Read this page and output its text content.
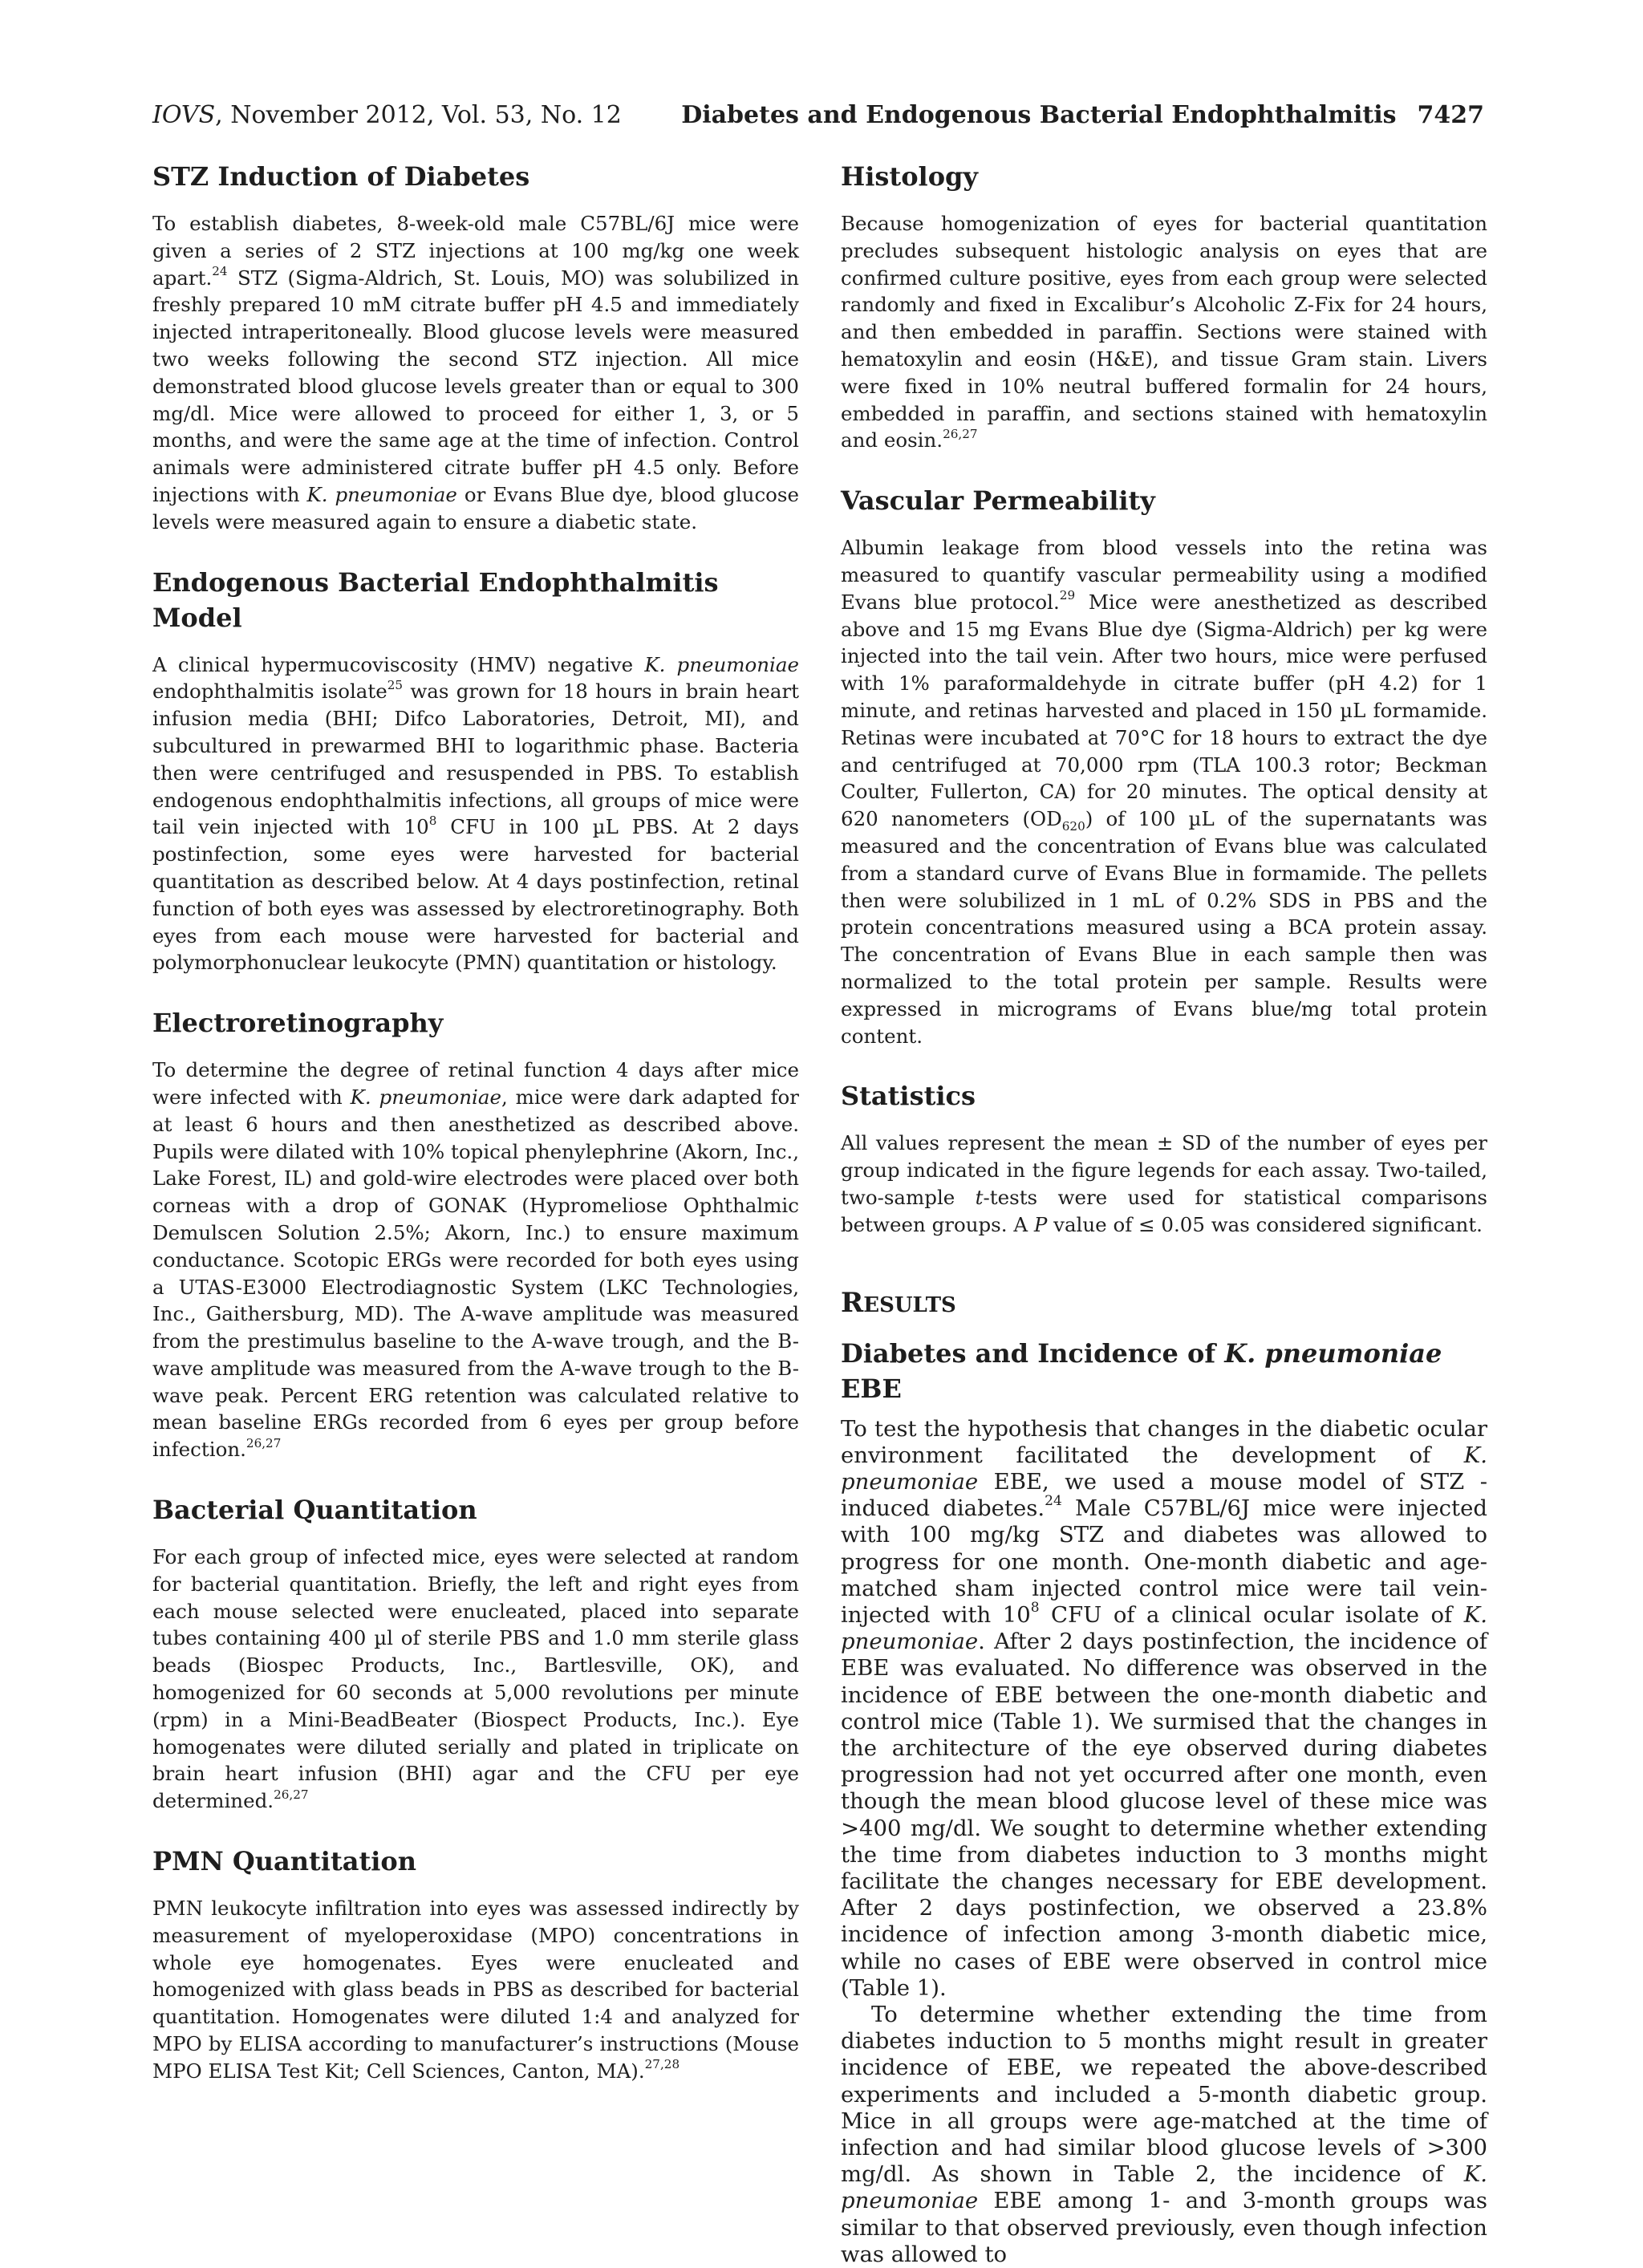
IOVS, November 2012, Vol. 53, No. 12 Diabetes and Endogenous Bacterial Endophthalmitis 7427
STZ Induction of Diabetes

To establish diabetes, 8-week-old male C57BL/6J mice were given a series of 2 STZ injections at 100 mg/kg one week apart.$^{24}$ STZ (Sigma-Aldrich, St. Louis, MO) was solubilized in freshly prepared 10 mM citrate buffer pH 4.5 and immediately injected intraperitoneally. Blood glucose levels were measured two weeks following the second STZ injection. All mice demonstrated blood glucose levels greater than or equal to 300 mg/dl. Mice were allowed to proceed for either 1, 3, or 5 months, and were the same age at the time of infection. Control animals were administered citrate buffer pH 4.5 only. Before injections with K. pneumoniae or Evans Blue dye, blood glucose levels were measured again to ensure a diabetic state.

Endogenous Bacterial Endophthalmitis Model

A clinical hypermucoviscosity (HMV) negative K. pneumoniae endophthalmitis isolate$^{25}$ was grown for 18 hours in brain heart infusion media (BHI; Difco Laboratories, Detroit, MI), and subcultured in prewarmed BHI to logarithmic phase. Bacteria then were centrifuged and resuspended in PBS. To establish endogenous endophthalmitis infections, all groups of mice were tail vein injected with $10^8$ CFU in 100 µL PBS. At 2 days postinfection, some eyes were harvested for bacterial quantitation as described below. At 4 days postinfection, retinal function of both eyes was assessed by electroretinography. Both eyes from each mouse were harvested for bacterial and polymorphonuclear leukocyte (PMN) quantitation or histology.

Electroretinography

To determine the degree of retinal function 4 days after mice were infected with K. pneumoniae, mice were dark adapted for at least 6 hours and then anesthetized as described above. Pupils were dilated with 10% topical phenylephrine (Akorn, Inc., Lake Forest, IL) and gold-wire electrodes were placed over both corneas with a drop of GONAK (Hypromeliose Ophthalmic Demulscen Solution 2.5%; Akorn, Inc.) to ensure maximum conductance. Scotopic ERGs were recorded for both eyes using a UTAS-E3000 Electrodiagnostic System (LKC Technologies, Inc., Gaithersburg, MD). The A-wave amplitude was measured from the prestimulus baseline to the A-wave trough, and the B-wave amplitude was measured from the A-wave trough to the B-wave peak. Percent ERG retention was calculated relative to mean baseline ERGs recorded from 6 eyes per group before infection.$^{26,27}$

Bacterial Quantitation

For each group of infected mice, eyes were selected at random for bacterial quantitation. Briefly, the left and right eyes from each mouse selected were enucleated, placed into separate tubes containing 400 µl of sterile PBS and 1.0 mm sterile glass beads (Biospec Products, Inc., Bartlesville, OK), and homogenized for 60 seconds at 5,000 revolutions per minute (rpm) in a Mini-BeadBeater (Biospect Products, Inc.). Eye homogenates were diluted serially and plated in triplicate on brain heart infusion (BHI) agar and the CFU per eye determined.$^{26,27}$

PMN Quantitation

PMN leukocyte infiltration into eyes was assessed indirectly by measurement of myeloperoxidase (MPO) concentrations in whole eye homogenates. Eyes were enucleated and homogenized with glass beads in PBS as described for bacterial quantitation. Homogenates were diluted 1:4 and analyzed for MPO by ELISA according to manufacturer’s instructions (Mouse MPO ELISA Test Kit; Cell Sciences, Canton, MA).$^{27,28}$

Histology

Because homogenization of eyes for bacterial quantitation precludes subsequent histologic analysis on eyes that are confirmed culture positive, eyes from each group were selected randomly and fixed in Excalibur’s Alcoholic Z-Fix for 24 hours, and then embedded in paraffin. Sections were stained with hematoxylin and eosin (H&E), and tissue Gram stain. Livers were fixed in 10% neutral buffered formalin for 24 hours, embedded in paraffin, and sections stained with hematoxylin and eosin.$^{26,27}$

Vascular Permeability

Albumin leakage from blood vessels into the retina was measured to quantify vascular permeability using a modified Evans blue protocol.$^{29}$ Mice were anesthetized as described above and 15 mg Evans Blue dye (Sigma-Aldrich) per kg were injected into the tail vein. After two hours, mice were perfused with 1% paraformaldehyde in citrate buffer (pH 4.2) for 1 minute, and retinas harvested and placed in 150 µL formamide. Retinas were incubated at 70°C for 18 hours to extract the dye and centrifuged at 70,000 rpm (TLA 100.3 rotor; Beckman Coulter, Fullerton, CA) for 20 minutes. The optical density at 620 nanometers $(OD_{620})$ of 100 µL of the supernatants was measured and the concentration of Evans blue was calculated from a standard curve of Evans Blue in formamide. The pellets then were solubilized in 1 mL of 0.2% SDS in PBS and the protein concentrations measured using a BCA protein assay. The concentration of Evans Blue in each sample then was normalized to the total protein per sample. Results were expressed in micrograms of Evans blue/mg total protein content.

Statistics

All values represent the mean ± SD of the number of eyes per group indicated in the figure legends for each assay. Two-tailed, two-sample t-tests were used for statistical comparisons between groups. A P value of ≤ 0.05 was considered significant.

RESULTS
Diabetes and Incidence of K. pneumoniae EBE

To test the hypothesis that changes in the diabetic ocular environment facilitated the development of K. pneumoniae EBE, we used a mouse model of STZ -induced diabetes.$^{24}$ Male C57BL/6J mice were injected with 100 mg/kg STZ and diabetes was allowed to progress for one month. One-month diabetic and age-matched sham injected control mice were tail vein-injected with $10^8$ CFU of a clinical ocular isolate of K. pneumoniae. After 2 days postinfection, the incidence of EBE was evaluated. No difference was observed in the incidence of EBE between the one-month diabetic and control mice (Table 1). We surmised that the changes in the architecture of the eye observed during diabetes progression had not yet occurred after one month, even though the mean blood glucose level of these mice was >400 mg/dl. We sought to determine whether extending the time from diabetes induction to 3 months might facilitate the changes necessary for EBE development. After 2 days postinfection, we observed a 23.8% incidence of infection among 3-month diabetic mice, while no cases of EBE were observed in control mice (Table 1).

To determine whether extending the time from diabetes induction to 5 months might result in greater incidence of EBE, we repeated the above-described experiments and included a 5-month diabetic group. Mice in all groups were age-matched at the time of infection and had similar blood glucose levels of >300 mg/dl. As shown in Table 2, the incidence of K. pneumoniae EBE among 1- and 3-month groups was similar to that observed previously, even though infection was allowed to
